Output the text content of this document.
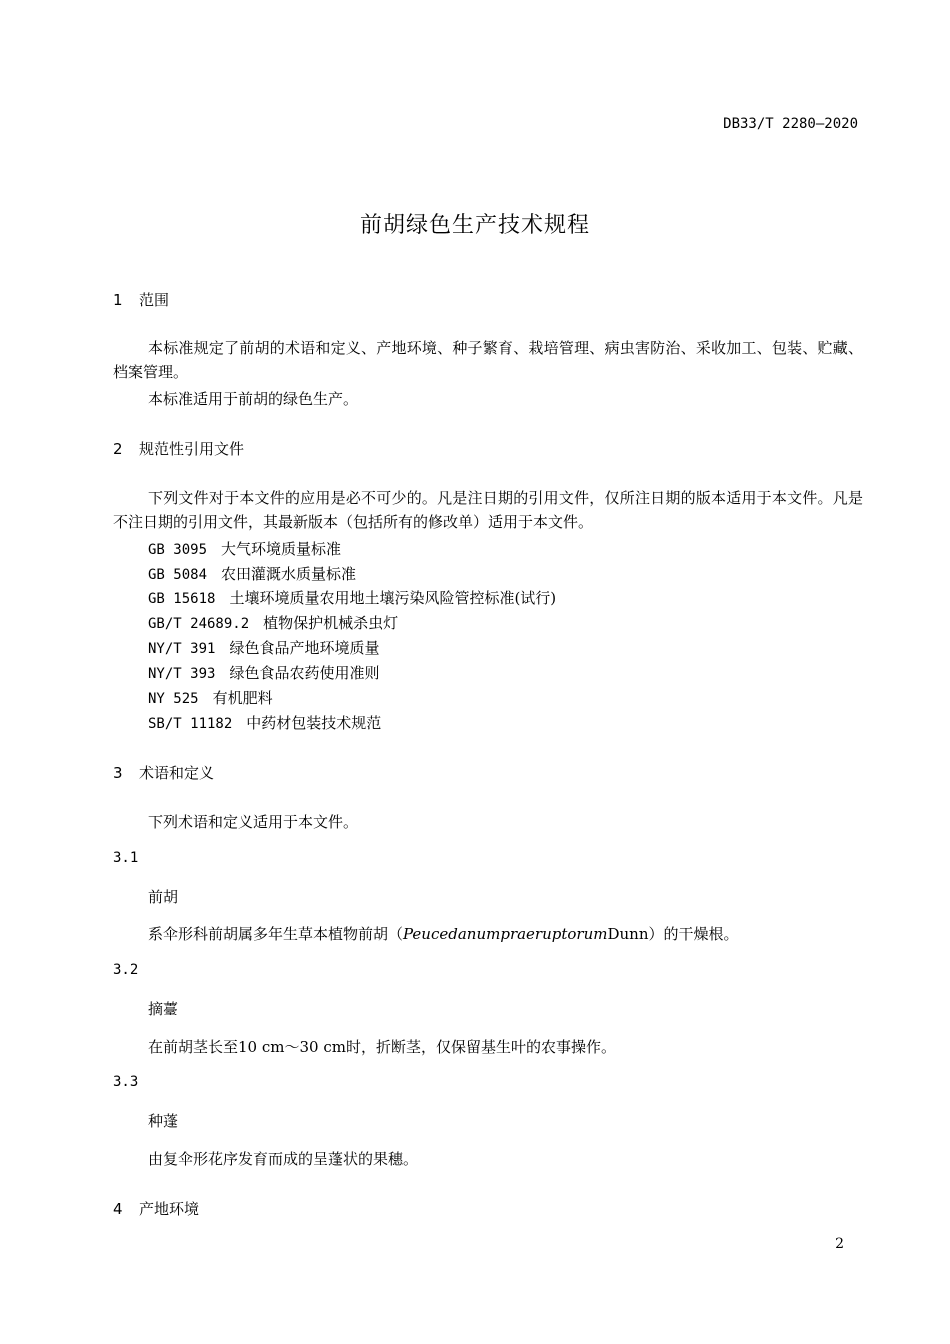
DB33/T 2280—2020
前胡绿色生产技术规程
1 范围
本标准规定了前胡的术语和定义、产地环境、种子繁育、栽培管理、病虫害防治、采收加工、包装、贮藏、档案管理。
本标准适用于前胡的绿色生产。
2 规范性引用文件
下列文件对于本文件的应用是必不可少的。凡是注日期的引用文件，仅所注日期的版本适用于本文件。凡是不注日期的引用文件，其最新版本（包括所有的修改单）适用于本文件。
GB 3095 大气环境质量标准
GB 5084 农田灌溉水质量标准
GB 15618 土壤环境质量农用地土壤污染风险管控标准(试行)
GB/T 24689.2 植物保护机械杀虫灯
NY/T 391 绿色食品产地环境质量
NY/T 393 绿色食品农药使用准则
NY 525 有机肥料
SB/T 11182 中药材包装技术规范
3 术语和定义
下列术语和定义适用于本文件。
3.1
前胡
系伞形科前胡属多年生草本植物前胡（PeucedanumpraeruptorumDunn）的干燥根。
3.2
摘薹
在前胡茎长至10 cm～30 cm时，折断茎，仅保留基生叶的农事操作。
3.3
种蓬
由复伞形花序发育而成的呈蓬状的果穗。
4 产地环境
2
